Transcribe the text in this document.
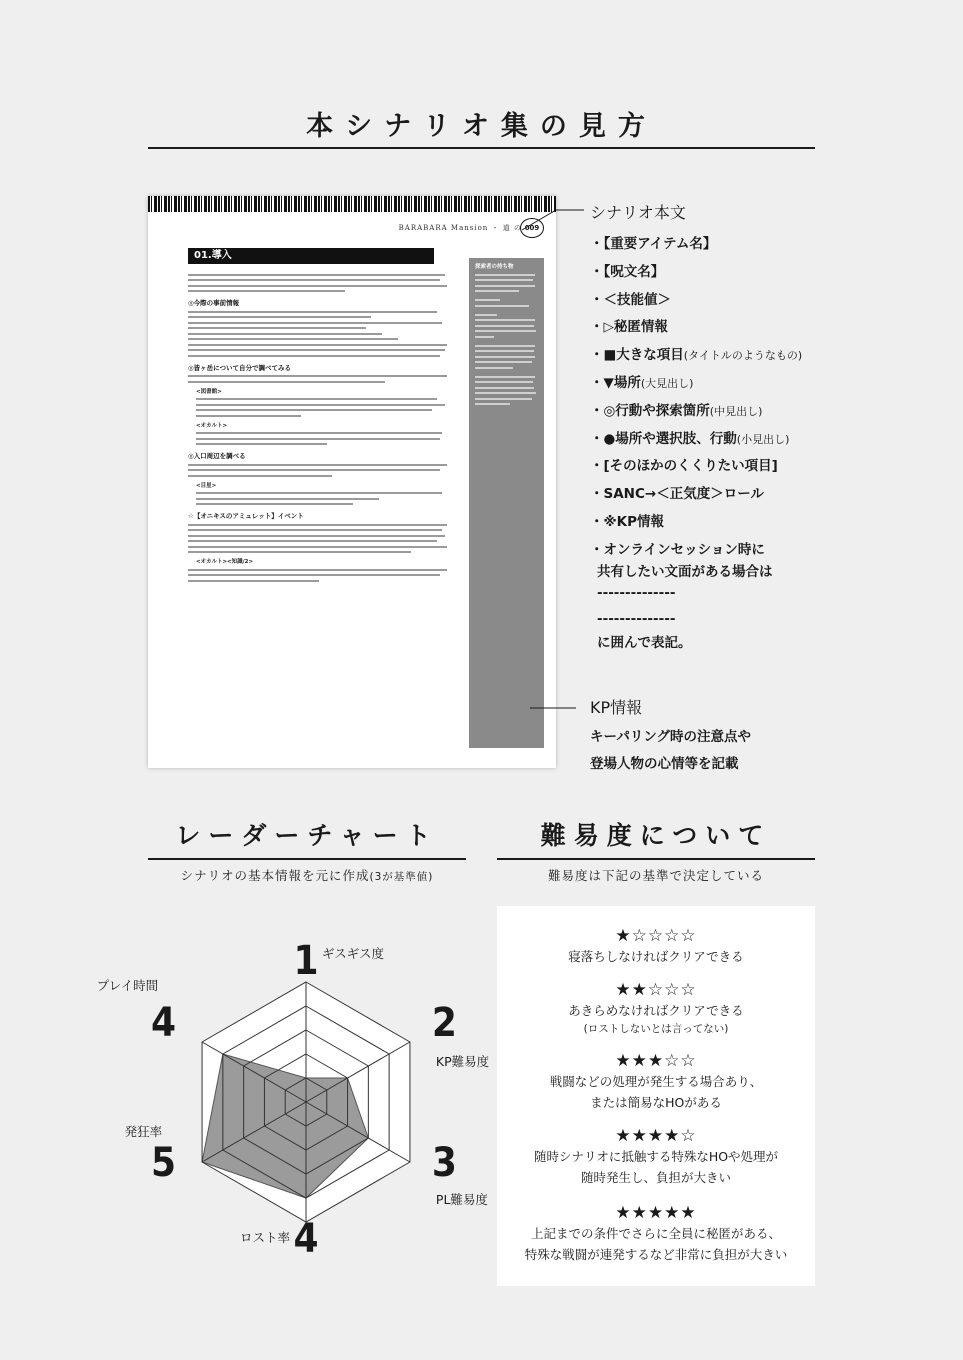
本シナリオ集の見方
BARABARA Mansion ・ 道 の 009
01.導入
◎今際の事前情報
◎皆ヶ岳について自分で調べてみる
<図書館>
<オカルト>
◎入口周辺を調べる
<目星>
☆【オニキスのアミュレット】イベント
<オカルト><知識/2>
探索者の持ち物
シナリオ本文
・【重要アイテム名】
・【呪文名】
・＜技能値＞
・▷秘匿情報
・■大きな項目(タイトルのようなもの)
・▼場所(大見出し)
・◎行動や探索箇所(中見出し)
・●場所や選択肢、行動(小見出し)
・[そのほかのくくりたい項目]
・SANC→＜正気度＞ロール
・※KP情報
・オンラインセッション時に
共有したい文面がある場合は
--------------
--------------
に囲んで表記。
KP情報
キーパリング時の注意点や
登場人物の心情等を記載
レーダーチャート
シナリオの基本情報を元に作成(3が基準値)
1 ギスギス度
2
KP難易度
3
PL難易度
4
ロスト率
5
発狂率
4
プレイ時間
難易度について
難易度は下記の基準で決定している
★☆☆☆☆
寝落ちしなければクリアできる
★★☆☆☆
あきらめなければクリアできる
(ロストしないとは言ってない)
★★★☆☆
戦闘などの処理が発生する場合あり、
または簡易なHOがある
★★★★☆
随時シナリオに抵触する特殊なHOや処理が
随時発生し、負担が大きい
★★★★★
上記までの条件でさらに全員に秘匿がある、
特殊な戦闘が連発するなど非常に負担が大きい
